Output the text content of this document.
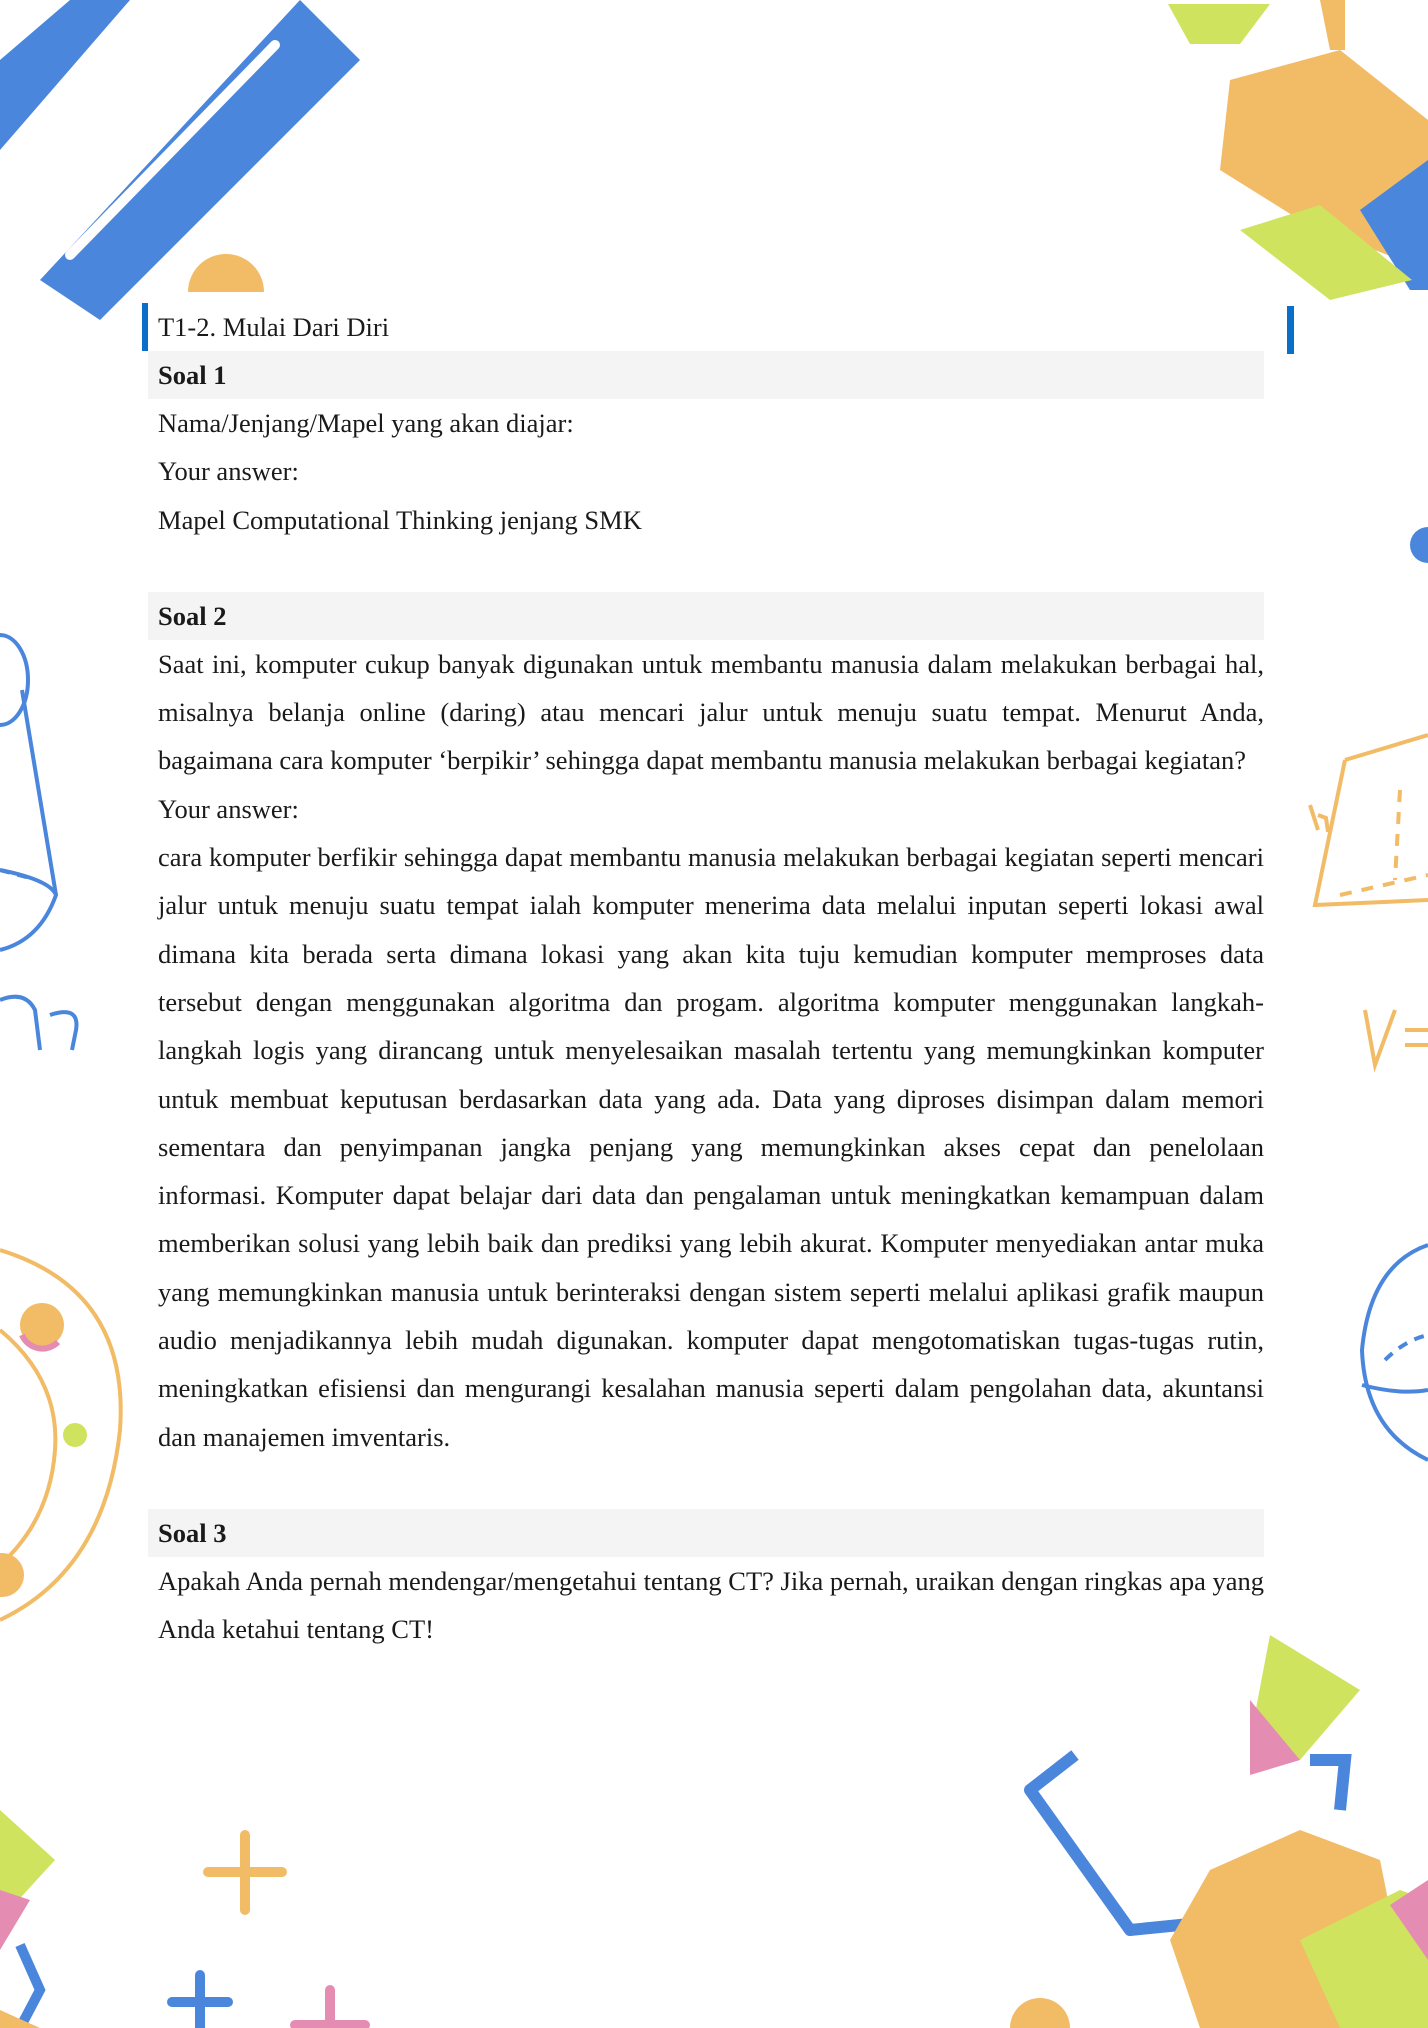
T1-2. Mulai Dari Diri
Soal 1
Nama/Jenjang/Mapel yang akan diajar:
Your answer:
Mapel Computational Thinking jenjang SMK
Soal 2

Saat ini, komputer cukup banyak digunakan untuk membantu manusia dalam melakukan berbagai hal, misalnya belanja online (daring) atau mencari jalur untuk menuju suatu tempat. Menurut Anda, bagaimana cara komputer ‘berpikir’ sehingga dapat membantu manusia melakukan berbagai kegiatan?

Your answer:

cara komputer berfikir sehingga dapat membantu manusia melakukan berbagai kegiatan seperti mencari jalur untuk menuju suatu tempat ialah komputer menerima data melalui inputan seperti lokasi awal dimana kita berada serta dimana lokasi yang akan kita tuju kemudian komputer memproses data tersebut dengan menggunakan algoritma dan progam. algoritma komputer menggunakan langkah-langkah logis yang dirancang untuk menyelesaikan masalah tertentu yang memungkinkan komputer untuk membuat keputusan berdasarkan data yang ada. Data yang diproses disimpan dalam memori sementara dan penyimpanan jangka penjang yang memungkinkan akses cepat dan penelolaan informasi. Komputer dapat belajar dari data dan pengalaman untuk meningkatkan kemampuan dalam memberikan solusi yang lebih baik dan prediksi yang lebih akurat. Komputer menyediakan antar muka yang memungkinkan manusia untuk berinteraksi dengan sistem seperti melalui aplikasi grafik maupun audio menjadikannya lebih mudah digunakan. komputer dapat mengotomatiskan tugas-tugas rutin, meningkatkan efisiensi dan mengurangi kesalahan manusia seperti dalam pengolahan data, akuntansi dan manajemen imventaris.

Soal 3

Apakah Anda pernah mendengar/mengetahui tentang CT? Jika pernah, uraikan dengan ringkas apa yang Anda ketahui tentang CT!
